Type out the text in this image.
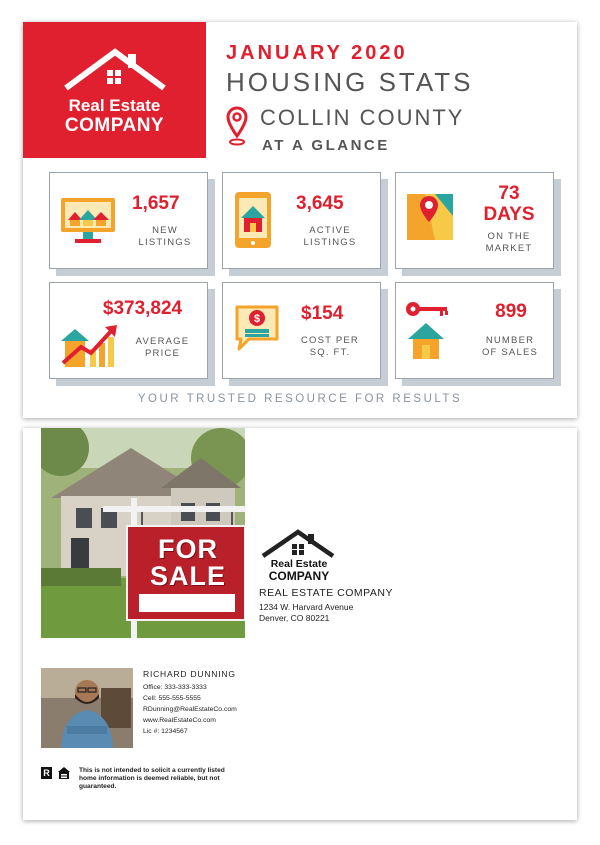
Real Estate
COMPANY
JANUARY 2020
HOUSING STATS
COLLIN COUNTY
AT A GLANCE
1,657
NEW
LISTINGS
3,645
ACTIVE
LISTINGS
73
DAYS
ON THE
MARKET
$373,824
AVERAGE
PRICE
$ $154
COST PER
SQ. FT.
899
NUMBER
OF SALES
YOUR TRUSTED RESOURCE FOR RESULTS
FOR
SALE	Real Estate
COMPANY
REAL ESTATE COMPANY
1234 W. Harvard Avenue
Denver, CO 80221
RICHARD DUNNING
Office: 333-333-3333
Cell: 555-555-5555
RDunning@RealEstateCo.com
www.RealEstateCo.com
Lic #: 1234567
R	This is not intended to solicit a currently listed
home information is deemed reliable, but not
guaranteed.
